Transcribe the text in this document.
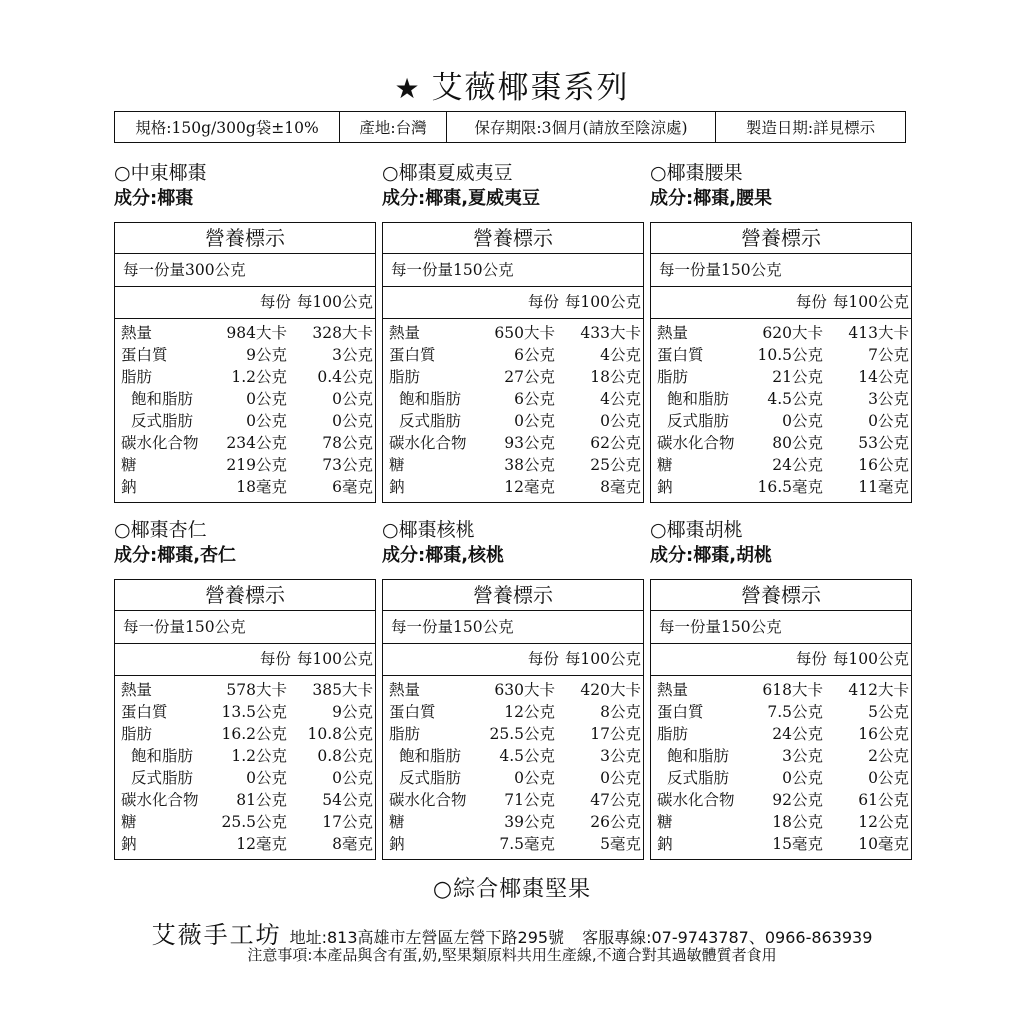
★ 艾薇椰棗系列
規格:150g/300g袋±10%	產地:台灣	保存期限:3個月(請放至陰涼處)	製造日期:詳見標示
○中東椰棗
成分:椰棗
營養標示
每一份量300公克
每份 每100公克
熱量	984大卡	328大卡
蛋白質	9公克	3公克
脂肪	1.2公克	0.4公克
飽和脂肪	0公克	0公克
反式脂肪	0公克	0公克
碳水化合物	234公克	78公克
糖	219公克	73公克
鈉	18毫克	6毫克
○椰棗夏威夷豆
成分:椰棗,夏威夷豆
營養標示
每一份量150公克
每份 每100公克
熱量	650大卡	433大卡
蛋白質	6公克	4公克
脂肪	27公克	18公克
飽和脂肪	6公克	4公克
反式脂肪	0公克	0公克
碳水化合物	93公克	62公克
糖	38公克	25公克
鈉	12毫克	8毫克
○椰棗腰果
成分:椰棗,腰果
營養標示
每一份量150公克
每份 每100公克
熱量	620大卡	413大卡
蛋白質	10.5公克	7公克
脂肪	21公克	14公克
飽和脂肪	4.5公克	3公克
反式脂肪	0公克	0公克
碳水化合物	80公克	53公克
糖	24公克	16公克
鈉	16.5毫克	11毫克
○椰棗杏仁
成分:椰棗,杏仁
營養標示
每一份量150公克
每份 每100公克
熱量	578大卡	385大卡
蛋白質	13.5公克	9公克
脂肪	16.2公克	10.8公克
飽和脂肪	1.2公克	0.8公克
反式脂肪	0公克	0公克
碳水化合物	81公克	54公克
糖	25.5公克	17公克
鈉	12毫克	8毫克
○椰棗核桃
成分:椰棗,核桃
營養標示
每一份量150公克
每份 每100公克
熱量	630大卡	420大卡
蛋白質	12公克	8公克
脂肪	25.5公克	17公克
飽和脂肪	4.5公克	3公克
反式脂肪	0公克	0公克
碳水化合物	71公克	47公克
糖	39公克	26公克
鈉	7.5毫克	5毫克
○椰棗胡桃
成分:椰棗,胡桃
營養標示
每一份量150公克
每份 每100公克
熱量	618大卡	412大卡
蛋白質	7.5公克	5公克
脂肪	24公克	16公克
飽和脂肪	3公克	2公克
反式脂肪	0公克	0公克
碳水化合物	92公克	61公克
糖	18公克	12公克
鈉	15毫克	10毫克
○綜合椰棗堅果
艾薇手工坊 地址:813高雄市左營區左營下路295號 客服專線:07-9743787、0966-863939
注意事項:本產品與含有蛋,奶,堅果類原料共用生產線,不適合對其過敏體質者食用
